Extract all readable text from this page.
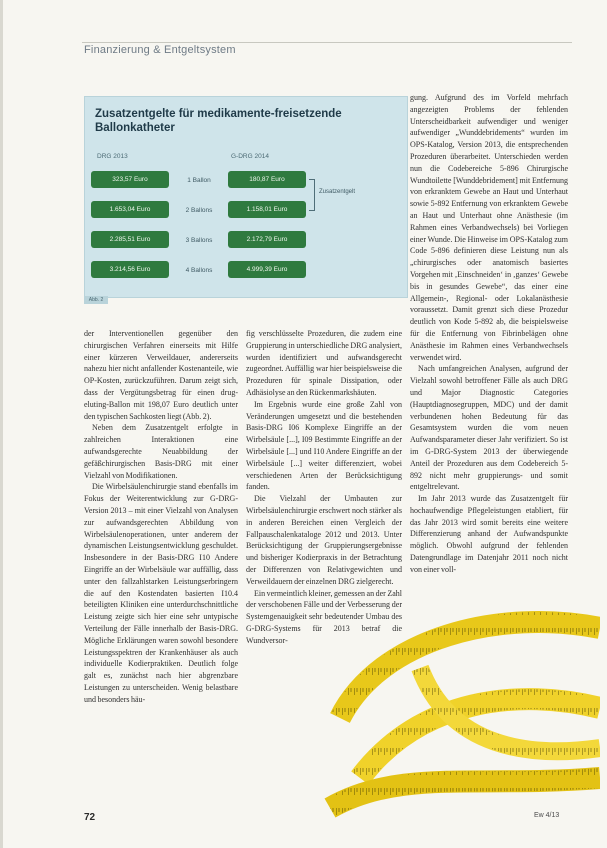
Finanzierung & Entgeltsystem
Zusatzentgelte für medikamente-freisetzende Ballonkatheter
DRG 2013	G-DRG 2014
323,57 Euro
1.653,04 Euro
2.285,51 Euro
3.214,56 Euro
1 Ballon
2 Ballons
3 Ballons
4 Ballons
180,87 Euro
1.158,01 Euro
2.172,79 Euro
4.999,39 Euro
Zusatzentgelt
Abb. 2

der Interventionellen gegenüber den chirurgischen Verfahren einerseits mit Hilfe einer kürzeren Verweildauer, andererseits nahezu hier nicht anfallender Kostenanteile, wie OP-Kosten, zurückzuführen. Darum zeigt sich, dass der Vergütungsbetrag für einen drug-eluting-Ballon mit 198,07 Euro deutlich unter den typischen Sachkosten liegt (Abb. 2).

Neben dem Zusatzentgelt erfolgte in zahlreichen Interaktionen eine aufwandsgerechte Neuabbildung der gefäßchirurgischen Basis-DRG mit einer Vielzahl von Modifikationen.

Die Wirbelsäulenchirurgie stand ebenfalls im Fokus der Weiterentwicklung zur G-DRG-Version 2013 – mit einer Vielzahl von Analysen zur aufwandsgerechten Abbildung von Wirbelsäulenoperationen, unter anderem der dynamischen Leistungsentwicklung geschuldet. Insbesondere in der Basis-DRG I10 Andere Eingriffe an der Wirbelsäule war auffällig, dass unter den fallzahlstarken Leistungserbringern die auf den Kostendaten basierten I10.4 beteiligten Kliniken eine unterdurchschnittliche Leistung zeigte sich hier eine sehr untypische Verteilung der Fälle innerhalb der Basis-DRG. Mögliche Erklärungen waren sowohl besondere Leistungsspektren der Krankenhäuser als auch individuelle Kodierpraktiken. Deutlich folge galt es, zunächst nach hier abgrenzbare Leistungen zu unterscheiden. Wenig belastbare und besonders häu-

fig verschlüsselte Prozeduren, die zudem eine Gruppierung in unterschiedliche DRG analysiert, wurden identifiziert und aufwandsgerecht zugeordnet. Auffällig war hier beispielsweise die Prozeduren für spinale Dissipation, oder Adhäsiolyse an den Rückenmarkshäuten.

Im Ergebnis wurde eine große Zahl von Veränderungen umgesetzt und die bestehenden Basis-DRG I06 Komplexe Eingriffe an der Wirbelsäule [...], I09 Bestimmte Eingriffe an der Wirbelsäule [...] und I10 Andere Eingriffe an der Wirbelsäule [...] weiter differenziert, wobei verschiedenen Arten der Berücksichtigung fanden.

Die Vielzahl der Umbauten zur Wirbelsäulenchirurgie erschwert noch stärker als in anderen Bereichen einen Vergleich der Fallpauschalenkataloge 2012 und 2013. Unter Berücksichtigung der Gruppierungsergebnisse und bisheriger Kodierpraxis in der Betrachtung der Differenzen von Relativgewichten und Verweildauern der einzelnen DRG zielgerecht.

Ein vermeintlich kleiner, gemessen an der Zahl der verschobenen Fälle und der Verbesserung der Systemgenauigkeit sehr bedeutender Umbau des G-DRG-Systems für 2013 betraf die Wundversor-

gung. Aufgrund des im Vorfeld mehrfach angezeigten Problems der fehlenden Unterscheidbarkeit aufwendiger und weniger aufwendiger „Wunddebridements“ wurden im OPS-Katalog, Version 2013, die entsprechenden Prozeduren überarbeitet. Unterschieden werden nun die Codebereiche 5-896 Chirurgische Wundtoilette [Wunddebridement] mit Entfernung von erkranktem Gewebe an Haut und Unterhaut sowie 5-892 Entfernung von erkranktem Gewebe an Haut und Unterhaut ohne Anästhesie (im Rahmen eines Verbandwechsels) bei Vorliegen einer Wunde. Die Hinweise im OPS-Katalog zum Code 5-896 definieren diese Leistung nun als „chirurgisches oder anatomisch basiertes Vorgehen mit ‚Einschneiden‘ in ‚ganzes‘ Gewebe bis in gesundes Gewebe“, das einer eine Allgemein-, Regional- oder Lokalanästhesie voraussetzt. Damit grenzt sich diese Prozedur deutlich von Kode 5-892 ab, die beispielsweise für die Entfernung von Fibrinbelägen ohne Anästhesie im Rahmen eines Verbandwechsels verwendet wird.

Nach umfangreichen Analysen, aufgrund der Vielzahl sowohl betroffener Fälle als auch DRG und Major Diagnostic Categories (Hauptdiagnosegruppen, MDC) und der damit verbundenen hohen Bedeutung für das Gesamtsystem wurden die vom neuen Aufwandsparameter dieser Jahr verifiziert. So ist im G-DRG-System 2013 der überwiegende Anteil der Prozeduren aus dem Codebereich 5-892 nicht mehr gruppierungs- und somit entgeltrelevant.

Im Jahr 2013 wurde das Zusatzentgelt für hochaufwendige Pflegeleistungen etabliert, für das Jahr 2013 wird somit bereits eine weitere Differenzierung anhand der Aufwandspunkte möglich. Obwohl aufgrund der fehlenden Datengrundlage im Datenjahr 2011 noch nicht von einer voll-

72	Ew 4/13
